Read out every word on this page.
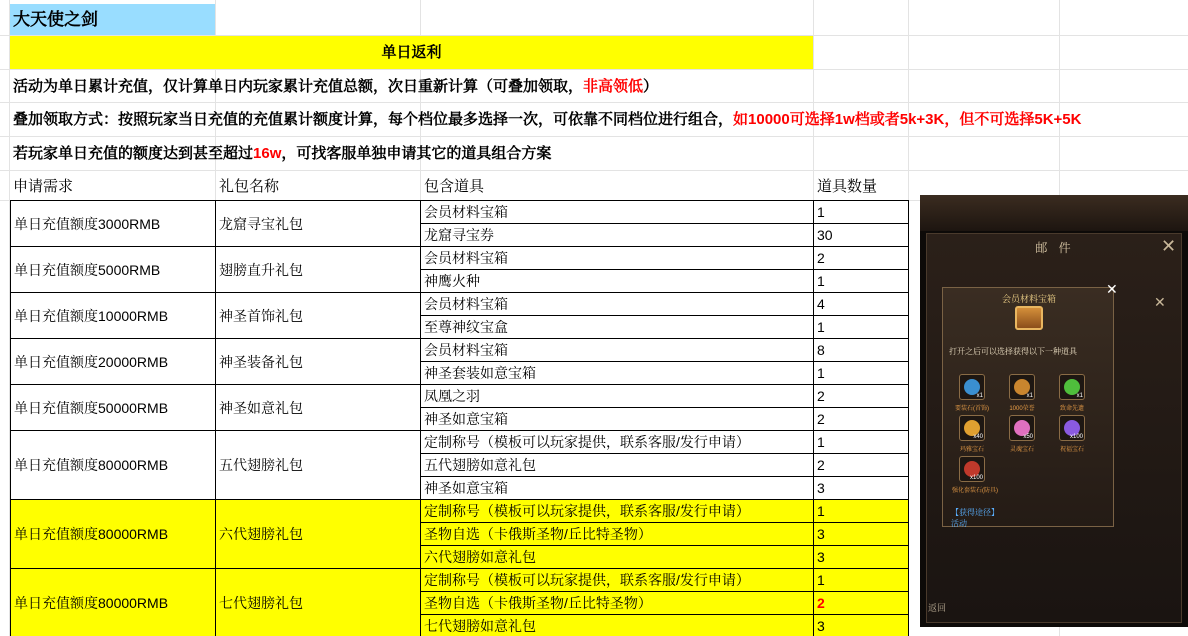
大天使之剑
单日返利
活动为单日累计充值，仅计算单日内玩家累计充值总额，次日重新计算（可叠加领取， 非高领低 ）
叠加领取方式：按照玩家当日充值的充值累计额度计算，每个档位最多选择一次，可依靠不同档位进行组合， 如10000可选择1w档或者5k+3K，但不可选择5K+5K
若玩家单日充值的额度达到甚至超过 16w ，可找客服单独申请其它的道具组合方案
申请需求	礼包名称	包含道具	道具数量
单日充值额度3000RMB	龙窟寻宝礼包	会员材料宝箱	1
		龙窟寻宝券	30
单日充值额度5000RMB	翅膀直升礼包	会员材料宝箱	2
		神鹰火种	1
单日充值额度10000RMB	神圣首饰礼包	会员材料宝箱	4
		至尊神纹宝盒	1
单日充值额度20000RMB	神圣装备礼包	会员材料宝箱	8
		神圣套装如意宝箱	1
单日充值额度50000RMB	神圣如意礼包	凤凰之羽	2
		神圣如意宝箱	2
单日充值额度80000RMB	五代翅膀礼包	定制称号（模板可以玩家提供，联系客服/发行申请）	1
		五代翅膀如意礼包	2
		神圣如意宝箱	3
单日充值额度80000RMB	六代翅膀礼包	定制称号（模板可以玩家提供，联系客服/发行申请）	1
		圣物自选（卡俄斯圣物/丘比特圣物）	3
		六代翅膀如意礼包	3
单日充值额度80000RMB	七代翅膀礼包	定制称号（模板可以玩家提供，联系客服/发行申请）	1
		圣物自选（卡俄斯圣物/丘比特圣物）	2
		七代翅膀如意礼包	3
邮 件	✕
✕
会员材料宝箱
✕
打开之后可以选择获得以下一种道具
x1
要装石(首饰)
x1
1000荣誉
x1
致命先遗
x40
玛雅宝石
x50
灵魂宝石
x100
祝福宝石
x100
强化套装石(防具)
【获得途径】
活动
返回
